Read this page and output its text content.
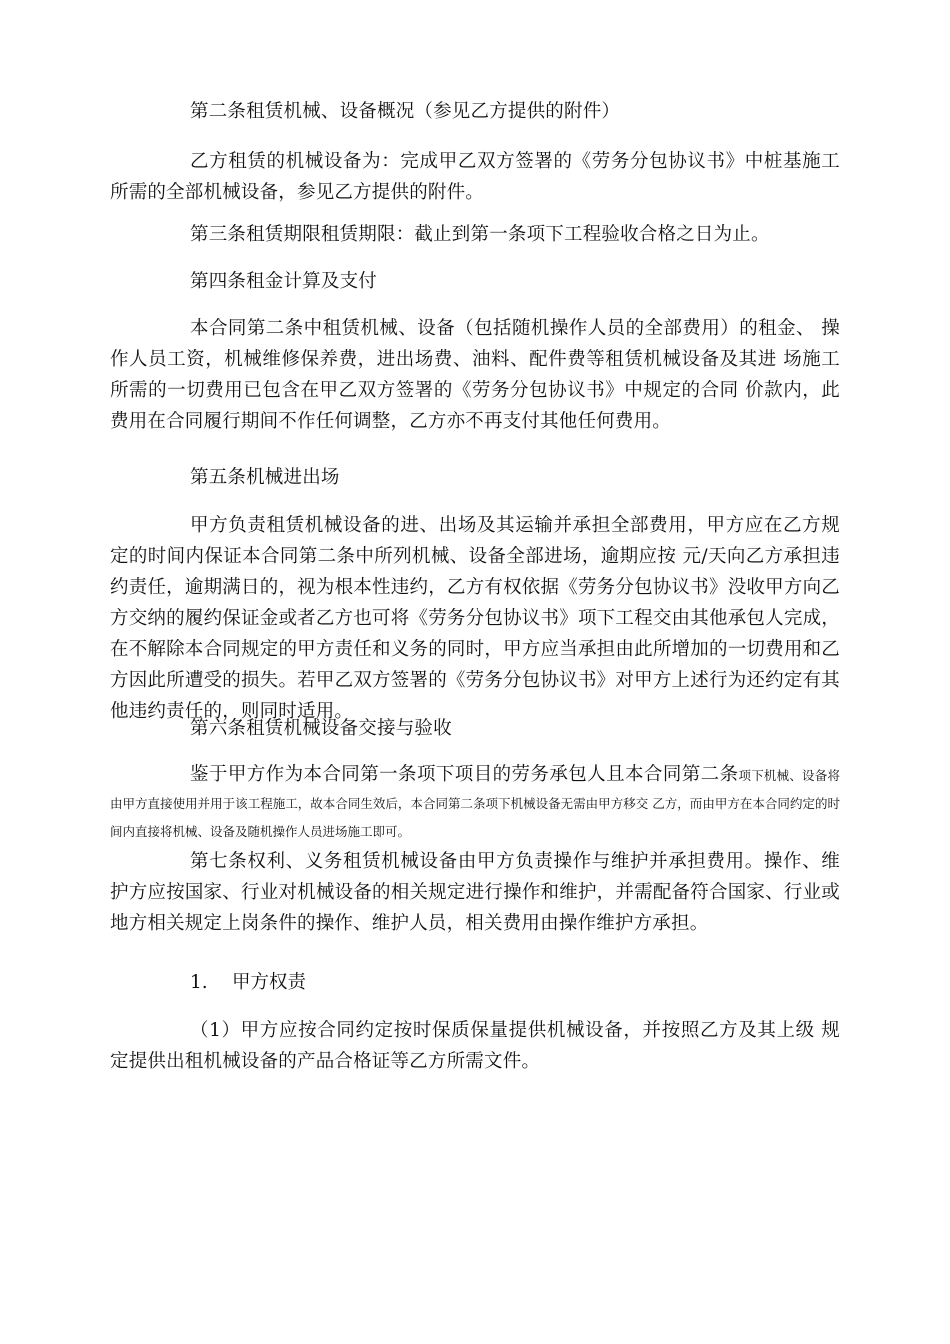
第二条租赁机械、设备概况（参见乙方提供的附件）

乙方租赁的机械设备为：完成甲乙双方签署的《劳务分包协议书》中桩基施工所需的全部机械设备，参见乙方提供的附件。

第三条租赁期限租赁期限：截止到第一条项下工程验收合格之日为止。

第四条租金计算及支付

本合同第二条中租赁机械、设备（包括随机操作人员的全部费用）的租金、 操作人员工资，机械维修保养费，进出场费、油料、配件费等租赁机械设备及其进 场施工所需的一切费用已包含在甲乙双方签署的《劳务分包协议书》中规定的合同 价款内，此费用在合同履行期间不作任何调整，乙方亦不再支付其他任何费用。

第五条机械进出场

甲方负责租赁机械设备的进、出场及其运输并承担全部费用，甲方应在乙方规定的时间内保证本合同第二条中所列机械、设备全部进场，逾期应按 元/天向乙方承担违约责任，逾期满日的，视为根本性违约，乙方有权依据《劳务分包协议书》没收甲方向乙方交纳的履约保证金或者乙方也可将《劳务分包协议书》项下工程交由其他承包人完成，在不解除本合同规定的甲方责任和义务的同时，甲方应当承担由此所增加的一切费用和乙方因此所遭受的损失。若甲乙双方签署的《劳务分包协议书》对甲方上述行为还约定有其他违约责任的，则同时适用。

第六条租赁机械设备交接与验收

鉴于甲方作为本合同第一条项下项目的劳务承包人且本合同第二条项下机械、设备将由甲方直接使用并用于该工程施工，故本合同生效后，本合同第二条项下机械设备无需由甲方移交 乙方，而由甲方在本合同约定的时间内直接将机械、设备及随机操作人员进场施工即可。

第七条权利、义务租赁机械设备由甲方负责操作与维护并承担费用。操作、维护方应按国家、行业对机械设备的相关规定进行操作和维护，并需配备符合国家、行业或地方相关规定上岗条件的操作、维护人员，相关费用由操作维护方承担。

1. 甲方权责

（1）甲方应按合同约定按时保质保量提供机械设备，并按照乙方及其上级 规定提供出租机械设备的产品合格证等乙方所需文件。
